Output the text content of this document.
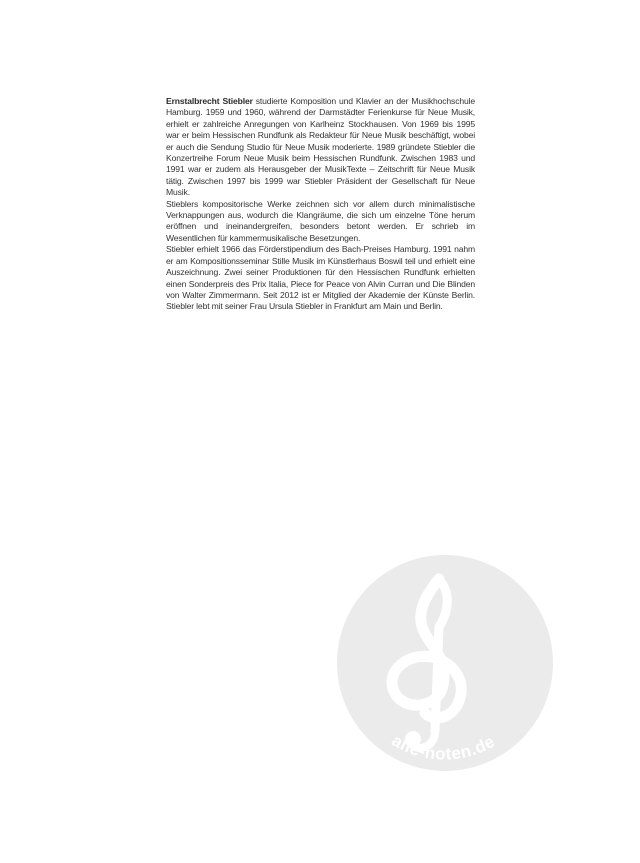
Ernstalbrecht Stiebler studierte Komposition und Klavier an der Musikhochschule Hamburg. 1959 und 1960, während der Darmstädter Ferienkurse für Neue Musik, erhielt er zahlreiche Anregungen von Karlheinz Stockhausen. Von 1969 bis 1995 war er beim Hessischen Rundfunk als Redakteur für Neue Musik beschäftigt, wobei er auch die Sendung Studio für Neue Musik moderierte. 1989 gründete Stiebler die Konzertreihe Forum Neue Musik beim Hessischen Rundfunk. Zwischen 1983 und 1991 war er zudem als Herausgeber der MusikTexte – Zeitschrift für Neue Musik tätig. Zwischen 1997 bis 1999 war Stiebler Präsident der Gesellschaft für Neue Musik.

Stieblers kompositorische Werke zeichnen sich vor allem durch minimalistische Verknappungen aus, wodurch die Klangräume, die sich um einzelne Töne herum eröffnen und ineinandergreifen, besonders betont werden. Er schrieb im Wesentlichen für kammermusikalische Besetzungen.

Stiebler erhielt 1966 das Förderstipendium des Bach-Preises Hamburg. 1991 nahm er am Kompositionsseminar Stille Musik im Künstlerhaus Boswil teil und erhielt eine Auszeichnung. Zwei seiner Produktionen für den Hessischen Rundfunk erhielten einen Sonderpreis des Prix Italia, Piece for Peace von Alvin Curran und Die Blinden von Walter Zimmermann. Seit 2012 ist er Mitglied der Akademie der Künste Berlin. Stiebler lebt mit seiner Frau Ursula Stiebler in Frankfurt am Main und Berlin.

alle-noten.de
